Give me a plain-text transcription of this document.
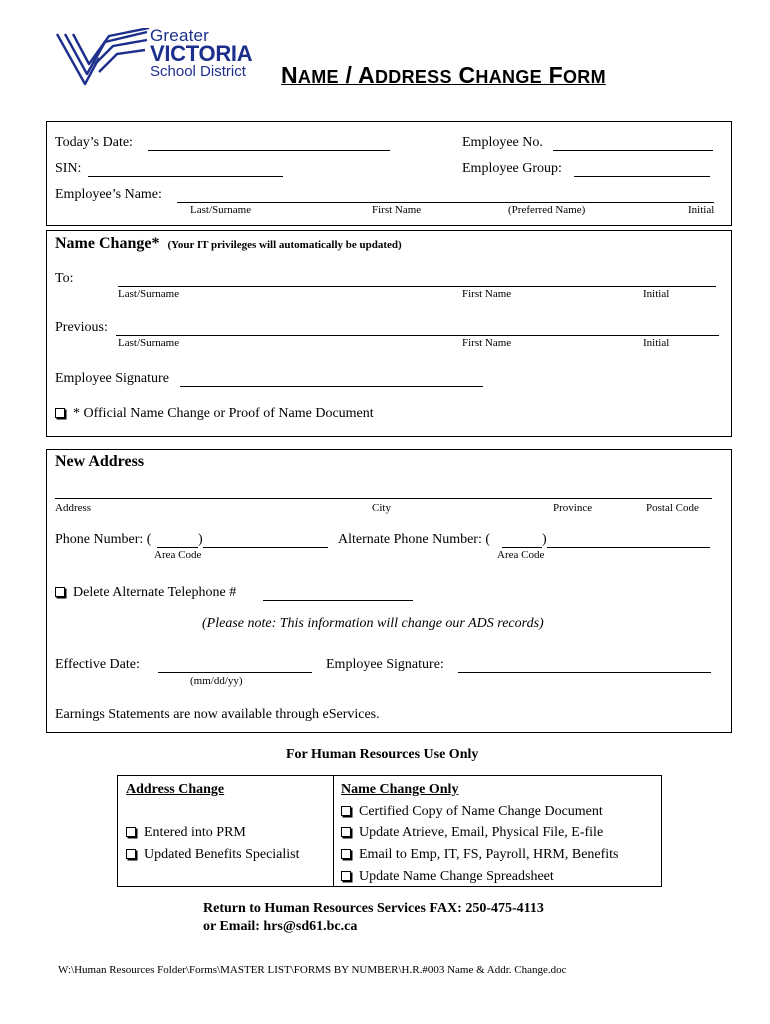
Greater
VICTORIA
School District NAME / ADDRESS CHANGE FORM
Today’s Date:	Employee No.
SIN:	Employee Group:
Employee’s Name:
Last/Surname	First Name	(Preferred Name)	Initial
Name Change* (Your IT privileges will automatically be updated)
To:
Last/Surname	First Name	Initial
Previous:
Last/Surname	First Name	Initial
Employee Signature
* Official Name Change or Proof of Name Document
New Address
Address	City	Province	Postal Code
Phone Number: (	)
Area Code
Alternate Phone Number: (	)
Area Code
Delete Alternate Telephone #
(Please note: This information will change our ADS records)
Effective Date:
(mm/dd/yy)
Employee Signature:
Earnings Statements are now available through eServices.
For Human Resources Use Only
Address Change
Entered into PRM
Updated Benefits Specialist
Name Change Only
Certified Copy of Name Change Document
Update Atrieve, Email, Physical File, E-file
Email to Emp, IT, FS, Payroll, HRM, Benefits
Update Name Change Spreadsheet
Return to Human Resources Services FAX: 250-475-4113
or Email: hrs@sd61.bc.ca
W:\Human Resources Folder\Forms\MASTER LIST\FORMS BY NUMBER\H.R.#003 Name & Addr. Change.doc
